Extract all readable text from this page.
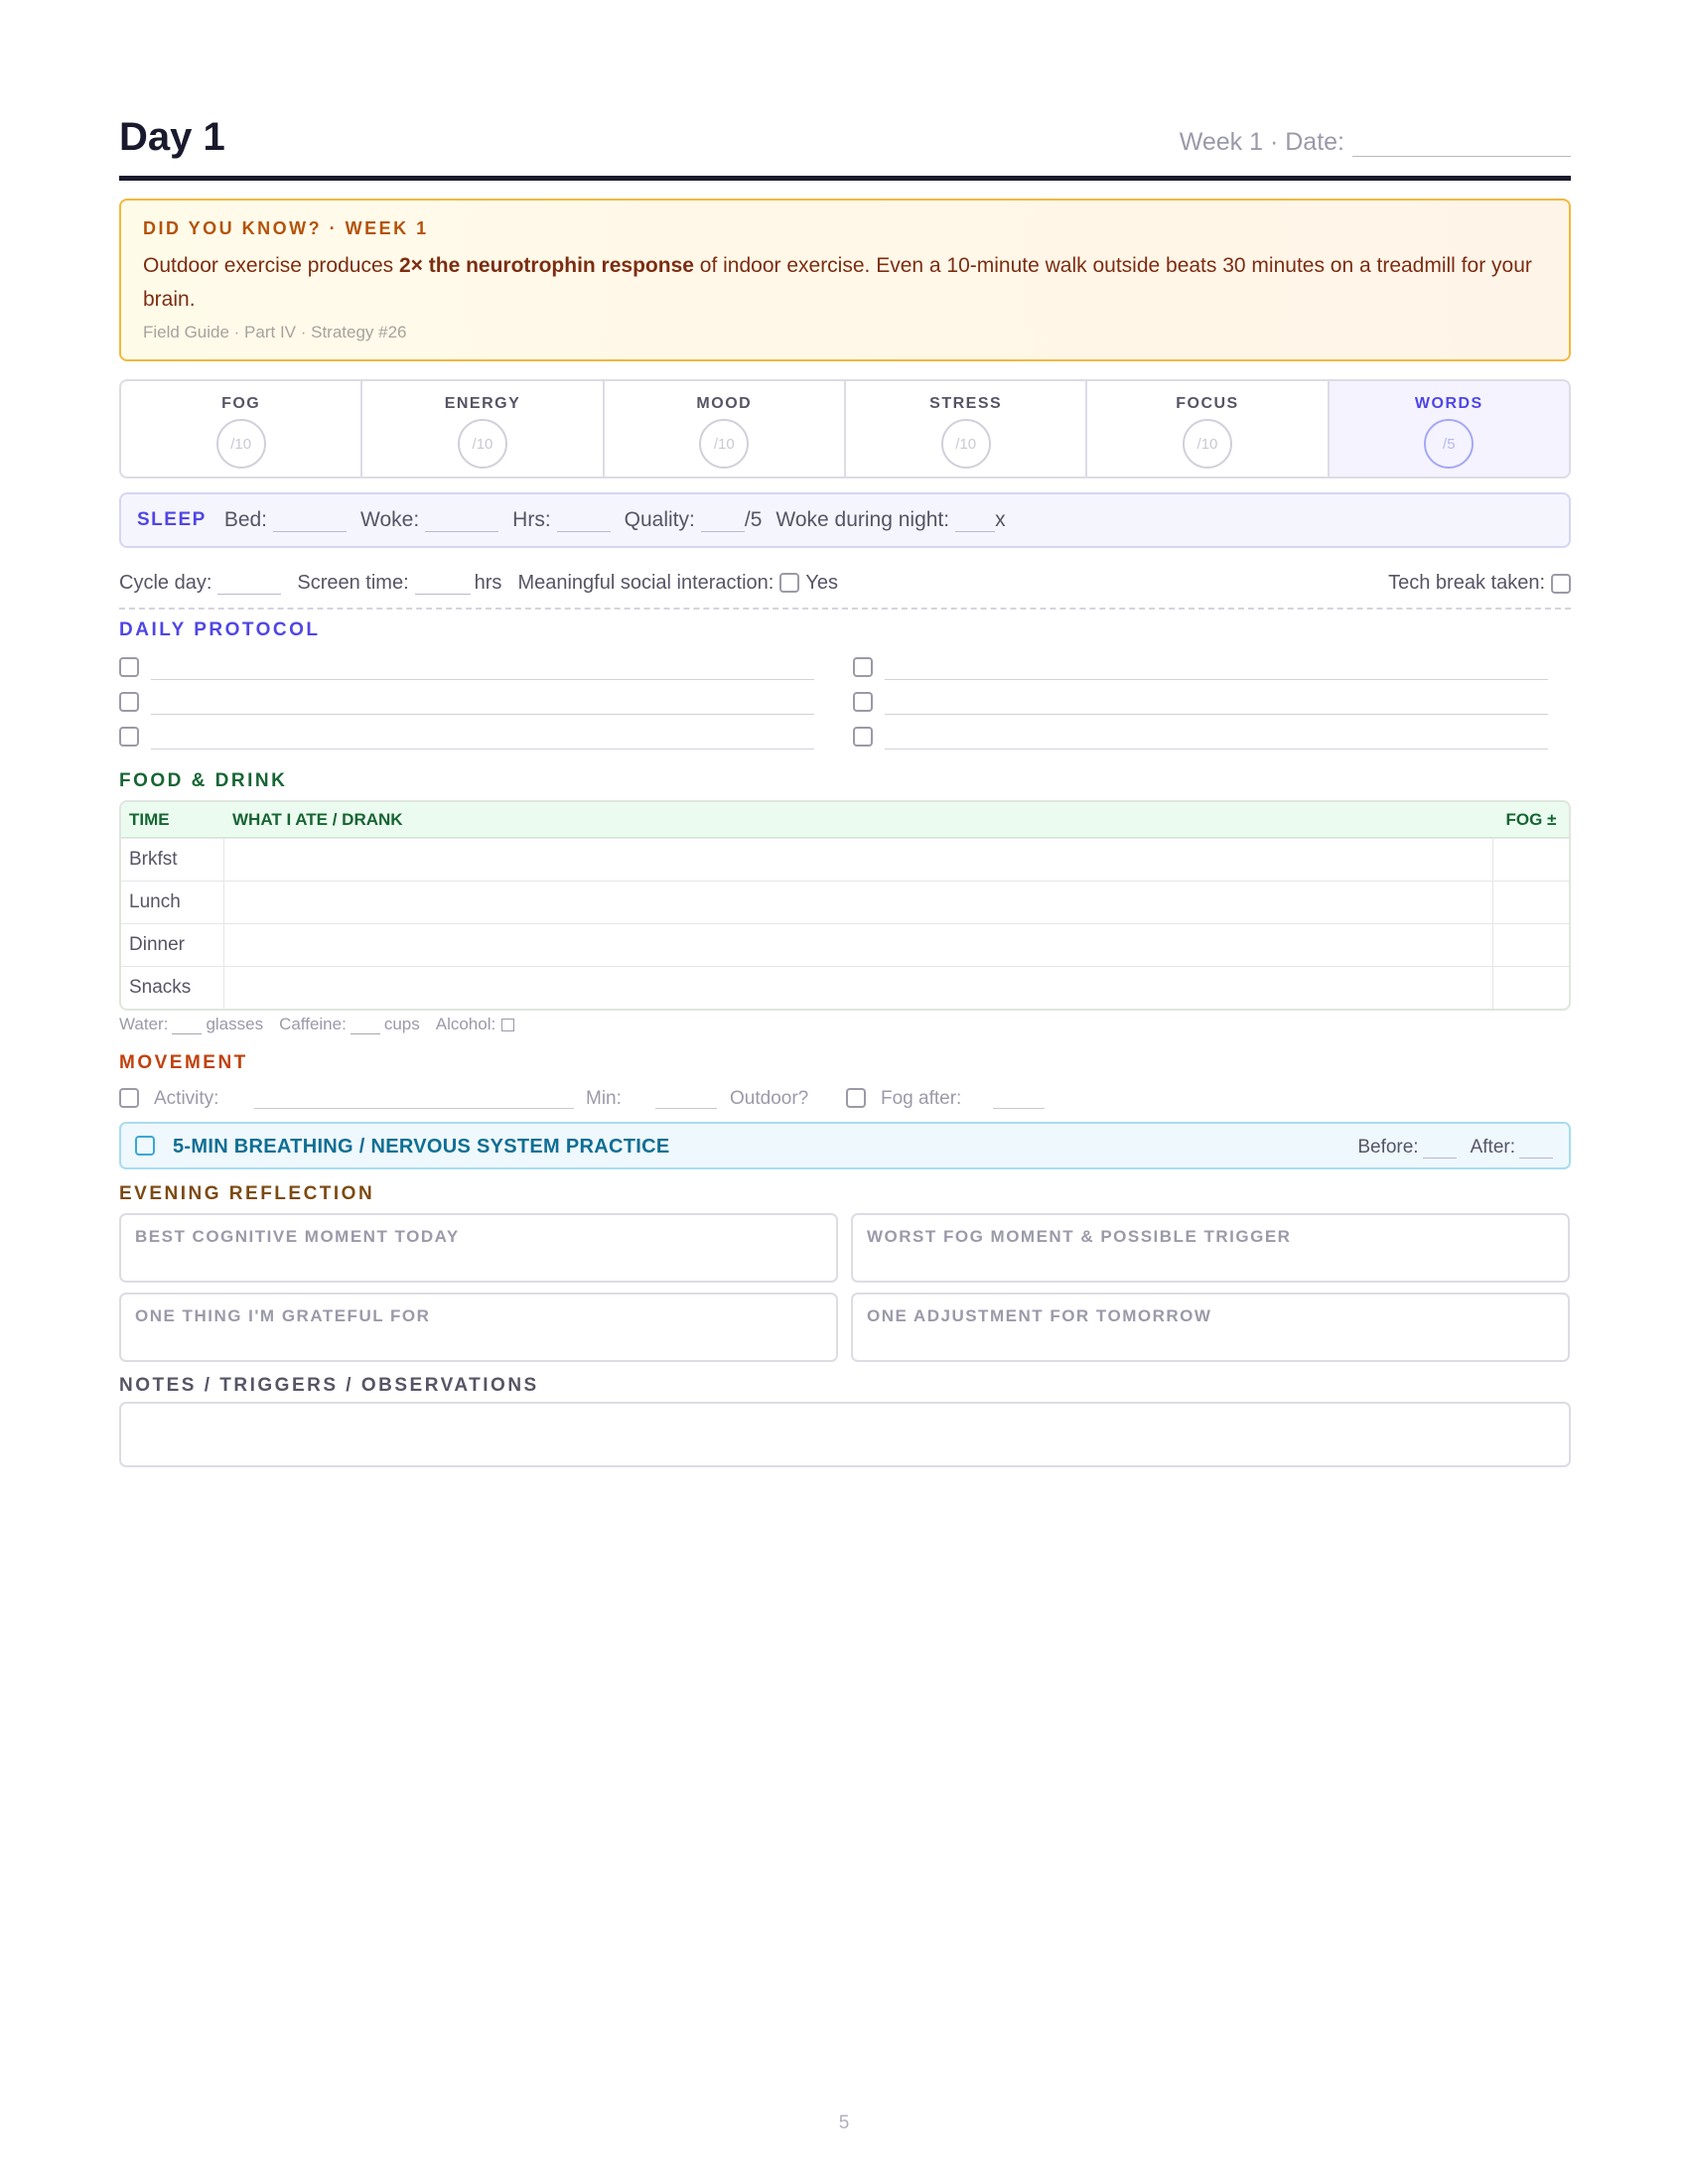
Day 1	Week 1 · Date:
DID YOU KNOW? · WEEK 1
Outdoor exercise produces 2× the neurotrophin response of indoor exercise. Even a 10-minute walk outside beats 30 minutes on a treadmill for your brain.
Field Guide · Part IV · Strategy #26
FOG
/10
ENERGY
/10
MOOD
/10
STRESS
/10
FOCUS
/10
WORDS
/5
SLEEP Bed:	Woke:	Hrs:	Quality: /5 Woke during night: x
Cycle day:	Screen time:	hrs Meaningful social interaction: Yes	Tech break taken:
DAILY PROTOCOL
FOOD & DRINK
TIME	WHAT I ATE / DRANK	FOG ±
Brkfst
Lunch
Dinner
Snacks
Water: glasses Caffeine: cups Alcohol:
MOVEMENT
Activity:	Min:	Outdoor?	Fog after:
5-MIN BREATHING / NERVOUS SYSTEM PRACTICE	Before:	After:
EVENING REFLECTION
BEST COGNITIVE MOMENT TODAY	WORST FOG MOMENT & POSSIBLE TRIGGER
ONE THING I'M GRATEFUL FOR	ONE ADJUSTMENT FOR TOMORROW
NOTES / TRIGGERS / OBSERVATIONS
5
